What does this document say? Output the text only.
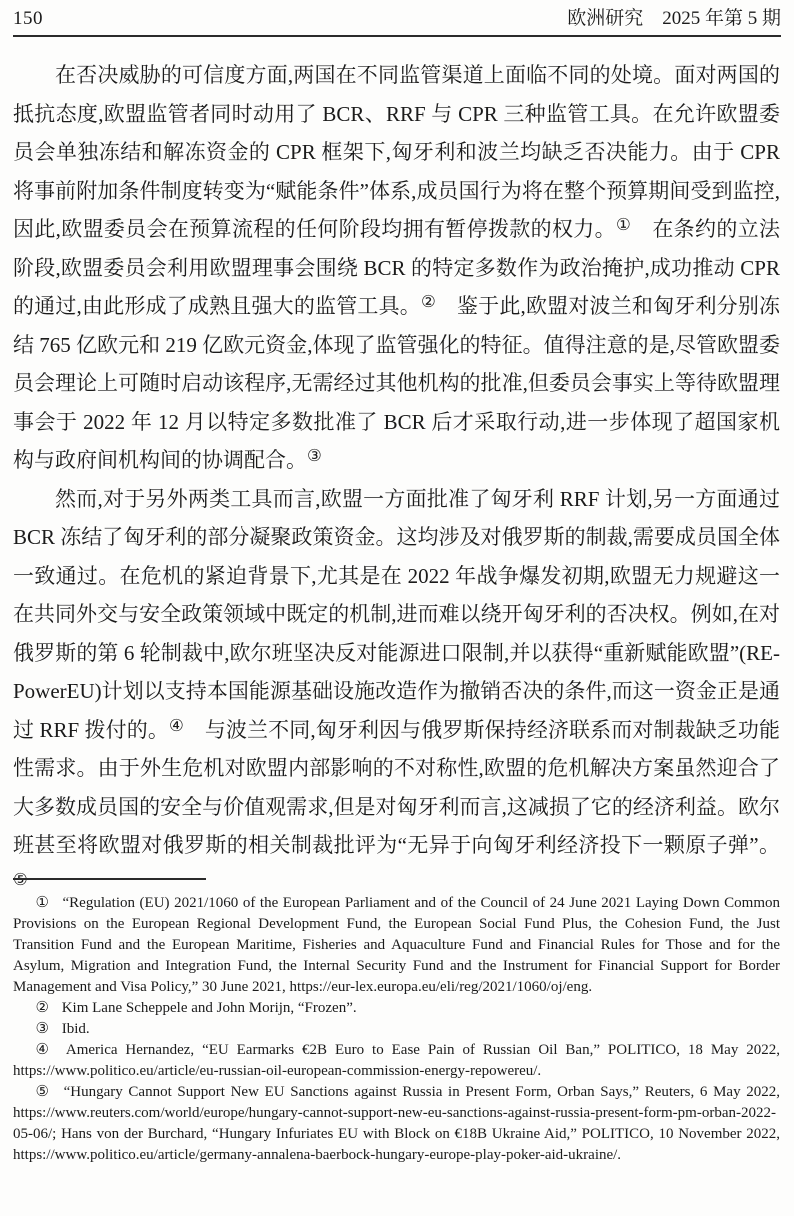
150	欧洲研究　2025 年第 5 期

在否决威胁的可信度方面,两国在不同监管渠道上面临不同的处境。面对两国的抵抗态度,欧盟监管者同时动用了 BCR、RRF 与 CPR 三种监管工具。在允许欧盟委员会单独冻结和解冻资金的 CPR 框架下,匈牙利和波兰均缺乏否决能力。由于 CPR 将事前附加条件制度转变为“赋能条件”体系,成员国行为将在整个预算期间受到监控,因此,欧盟委员会在预算流程的任何阶段均拥有暂停拨款的权力。①　在条约的立法阶段,欧盟委员会利用欧盟理事会围绕 BCR 的特定多数作为政治掩护,成功推动 CPR 的通过,由此形成了成熟且强大的监管工具。②　鉴于此,欧盟对波兰和匈牙利分别冻结 765 亿欧元和 219 亿欧元资金,体现了监管强化的特征。值得注意的是,尽管欧盟委员会理论上可随时启动该程序,无需经过其他机构的批准,但委员会事实上等待欧盟理事会于 2022 年 12 月以特定多数批准了 BCR 后才采取行动,进一步体现了超国家机构与政府间机构间的协调配合。③

然而,对于另外两类工具而言,欧盟一方面批准了匈牙利 RRF 计划,另一方面通过 BCR 冻结了匈牙利的部分凝聚政策资金。这均涉及对俄罗斯的制裁,需要成员国全体一致通过。在危机的紧迫背景下,尤其是在 2022 年战争爆发初期,欧盟无力规避这一在共同外交与安全政策领域中既定的机制,进而难以绕开匈牙利的否决权。例如,在对俄罗斯的第 6 轮制裁中,欧尔班坚决反对能源进口限制,并以获得“重新赋能欧盟”(RE-PowerEU)计划以支持本国能源基础设施改造作为撤销否决的条件,而这一资金正是通过 RRF 拨付的。④　与波兰不同,匈牙利因与俄罗斯保持经济联系而对制裁缺乏功能性需求。由于外生危机对欧盟内部影响的不对称性,欧盟的危机解决方案虽然迎合了大多数成员国的安全与价值观需求,但是对匈牙利而言,这减损了它的经济利益。欧尔班甚至将欧盟对俄罗斯的相关制裁批评为“无异于向匈牙利经济投下一颗原子弹”。⑤

① “Regulation (EU) 2021/1060 of the European Parliament and of the Council of 24 June 2021 Laying Down Common Provisions on the European Regional Development Fund, the European Social Fund Plus, the Cohesion Fund, the Just Transition Fund and the European Maritime, Fisheries and Aquaculture Fund and Financial Rules for Those and for the Asylum, Migration and Integration Fund, the Internal Security Fund and the Instrument for Financial Support for Border Management and Visa Policy,” 30 June 2021, https://eur-lex.europa.eu/eli/reg/2021/1060/oj/eng.

② Kim Lane Scheppele and John Morijn, “Frozen”.

③ Ibid.

④ America Hernandez, “EU Earmarks €2B Euro to Ease Pain of Russian Oil Ban,” POLITICO, 18 May 2022, https://www.politico.eu/article/eu-russian-oil-european-commission-energy-repowereu/.

⑤ “Hungary Cannot Support New EU Sanctions against Russia in Present Form, Orban Says,” Reuters, 6 May 2022, https://www.reuters.com/world/europe/hungary-cannot-support-new-eu-sanctions-against-russia-present-form-pm-orban-2022-05-06/; Hans von der Burchard, “Hungary Infuriates EU with Block on €18B Ukraine Aid,” POLITICO, 10 November 2022, https://www.politico.eu/article/germany-annalena-baerbock-hungary-europe-play-poker-aid-ukraine/.
